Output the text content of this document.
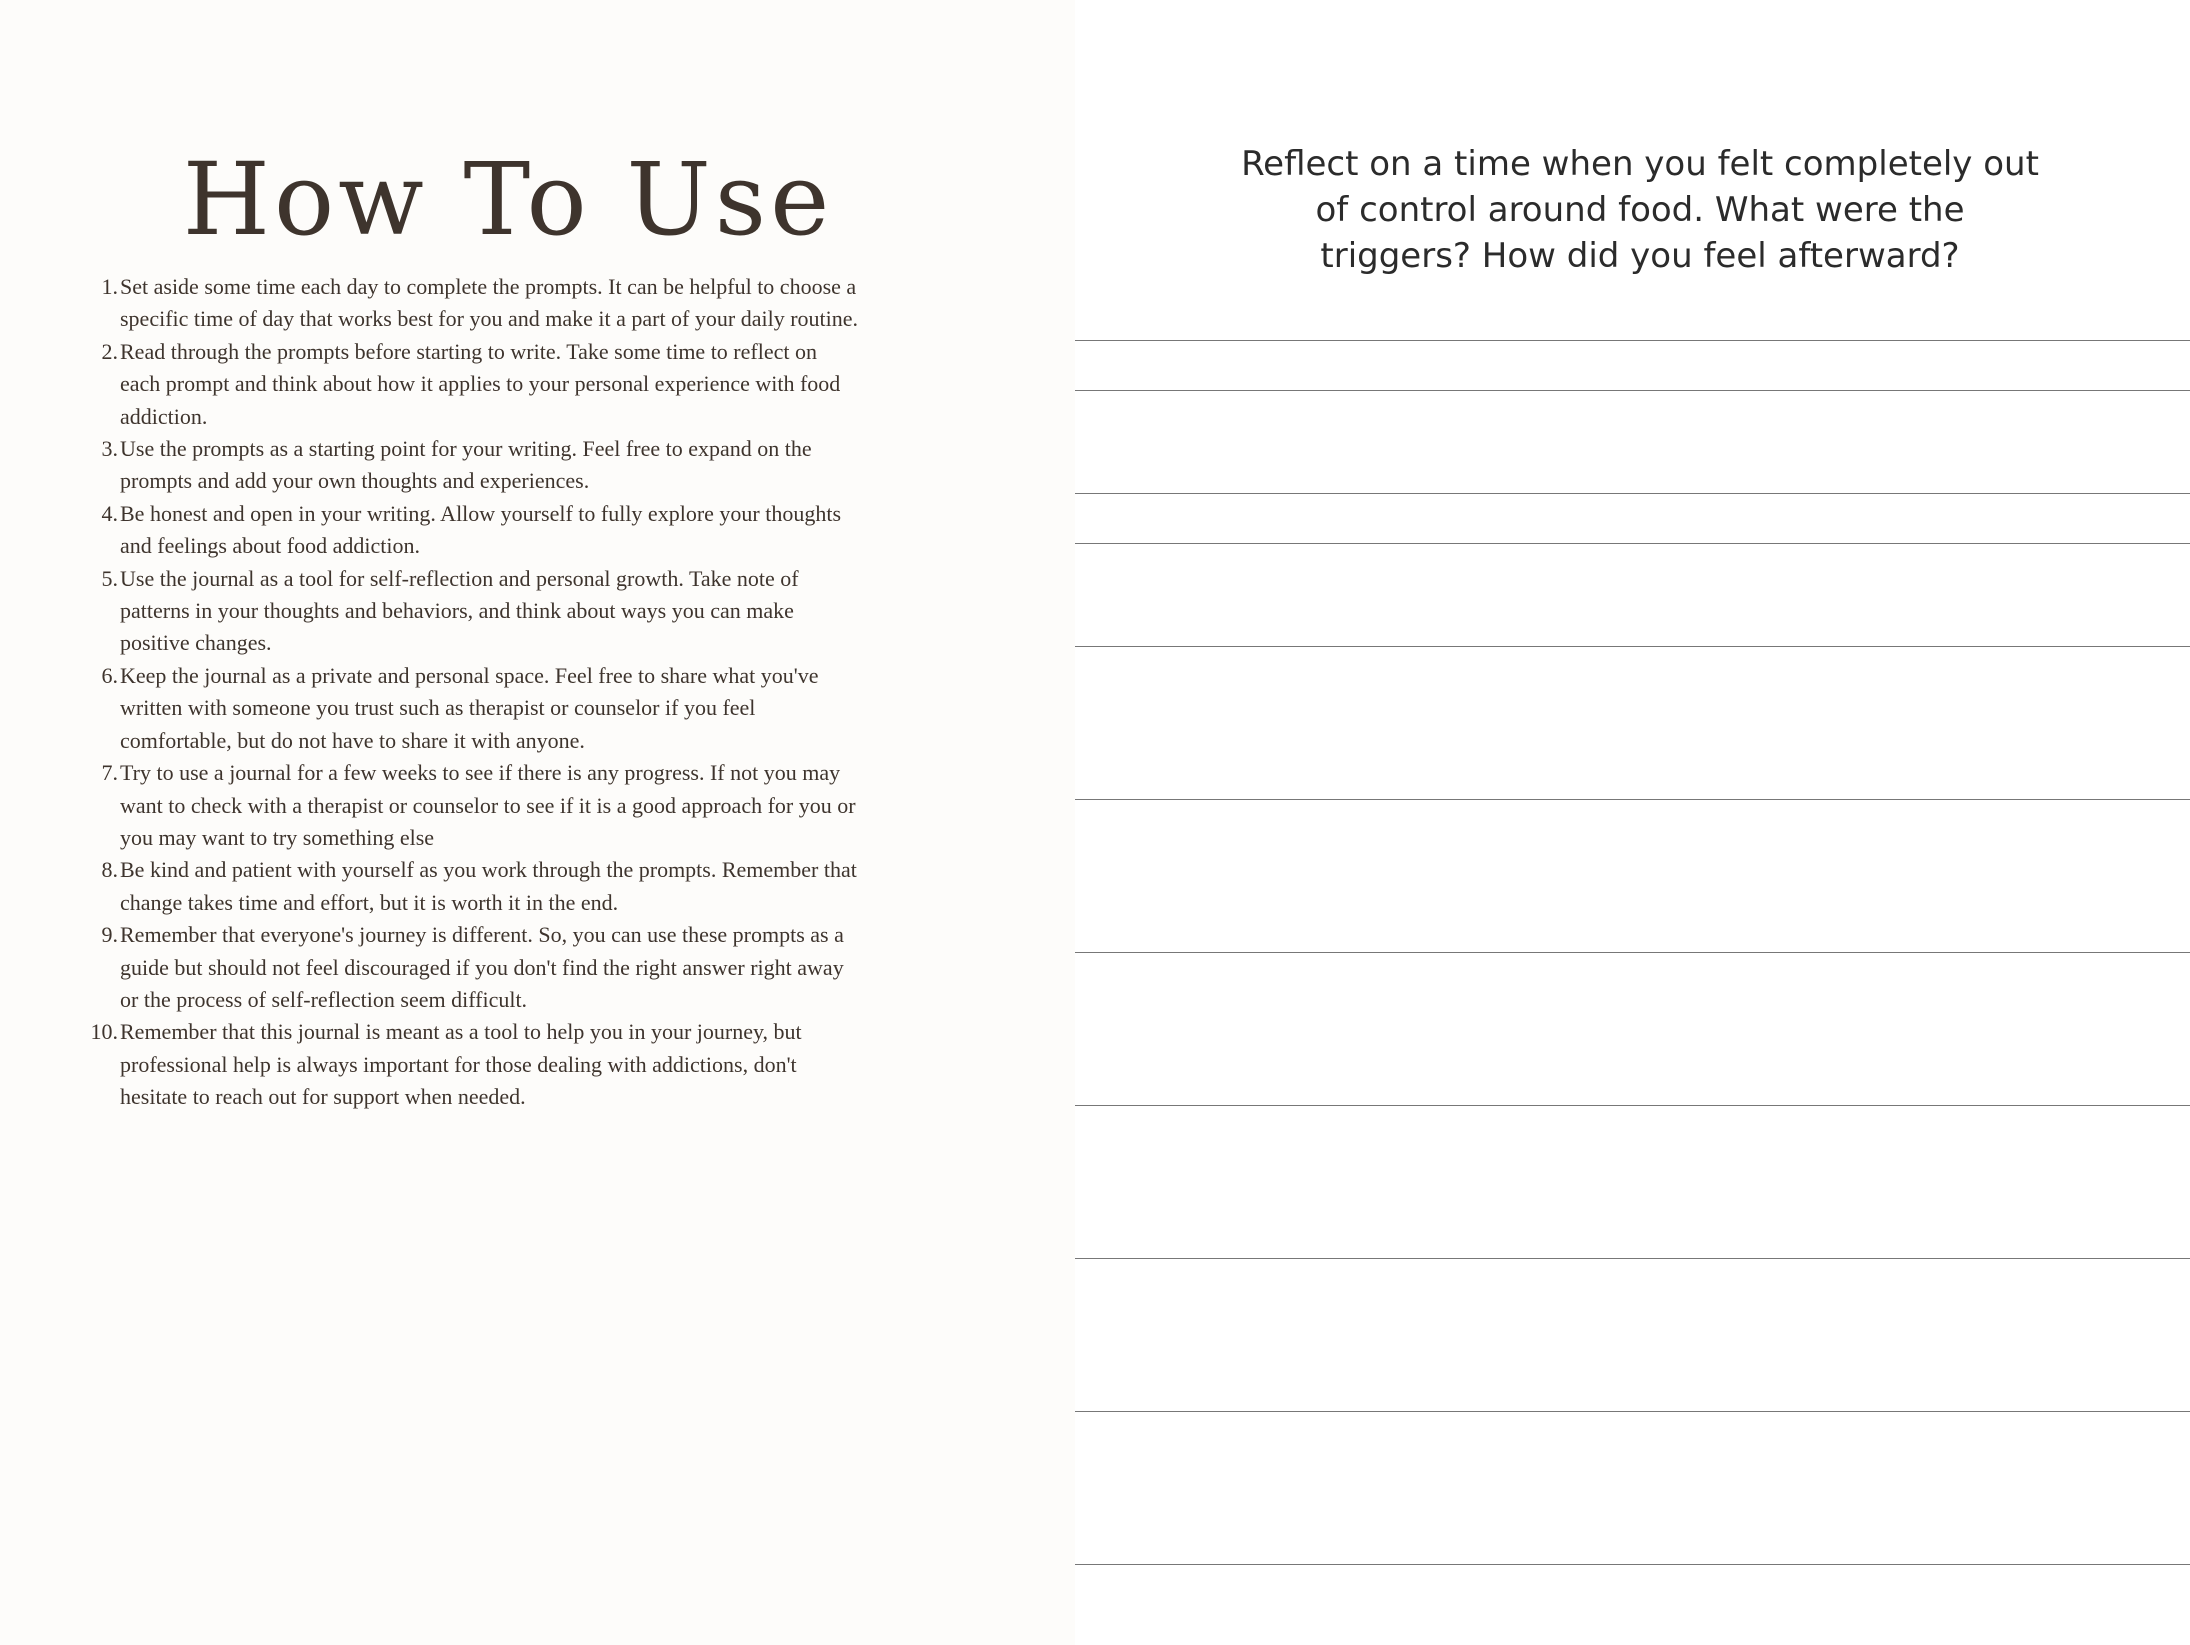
How To Use
1. Set aside some time each day to complete the prompts. It can be helpful to choose a specific time of day that works best for you and make it a part of your daily routine.
2. Read through the prompts before starting to write. Take some time to reflect on each prompt and think about how it applies to your personal experience with food addiction.
3. Use the prompts as a starting point for your writing. Feel free to expand on the prompts and add your own thoughts and experiences.
4. Be honest and open in your writing. Allow yourself to fully explore your thoughts and feelings about food addiction.
5. Use the journal as a tool for self-reflection and personal growth. Take note of patterns in your thoughts and behaviors, and think about ways you can make positive changes.
6. Keep the journal as a private and personal space. Feel free to share what you've written with someone you trust such as therapist or counselor if you feel comfortable, but do not have to share it with anyone.
7. Try to use a journal for a few weeks to see if there is any progress. If not you may want to check with a therapist or counselor to see if it is a good approach for you or you may want to try something else
8. Be kind and patient with yourself as you work through the prompts. Remember that change takes time and effort, but it is worth it in the end.
9. Remember that everyone's journey is different. So, you can use these prompts as a guide but should not feel discouraged if you don't find the right answer right away or the process of self-reflection seem difficult.
10. Remember that this journal is meant as a tool to help you in your journey, but professional help is always important for those dealing with addictions, don't hesitate to reach out for support when needed.

Reflect on a time when you felt completely out of control around food. What were the triggers? How did you feel afterward?
